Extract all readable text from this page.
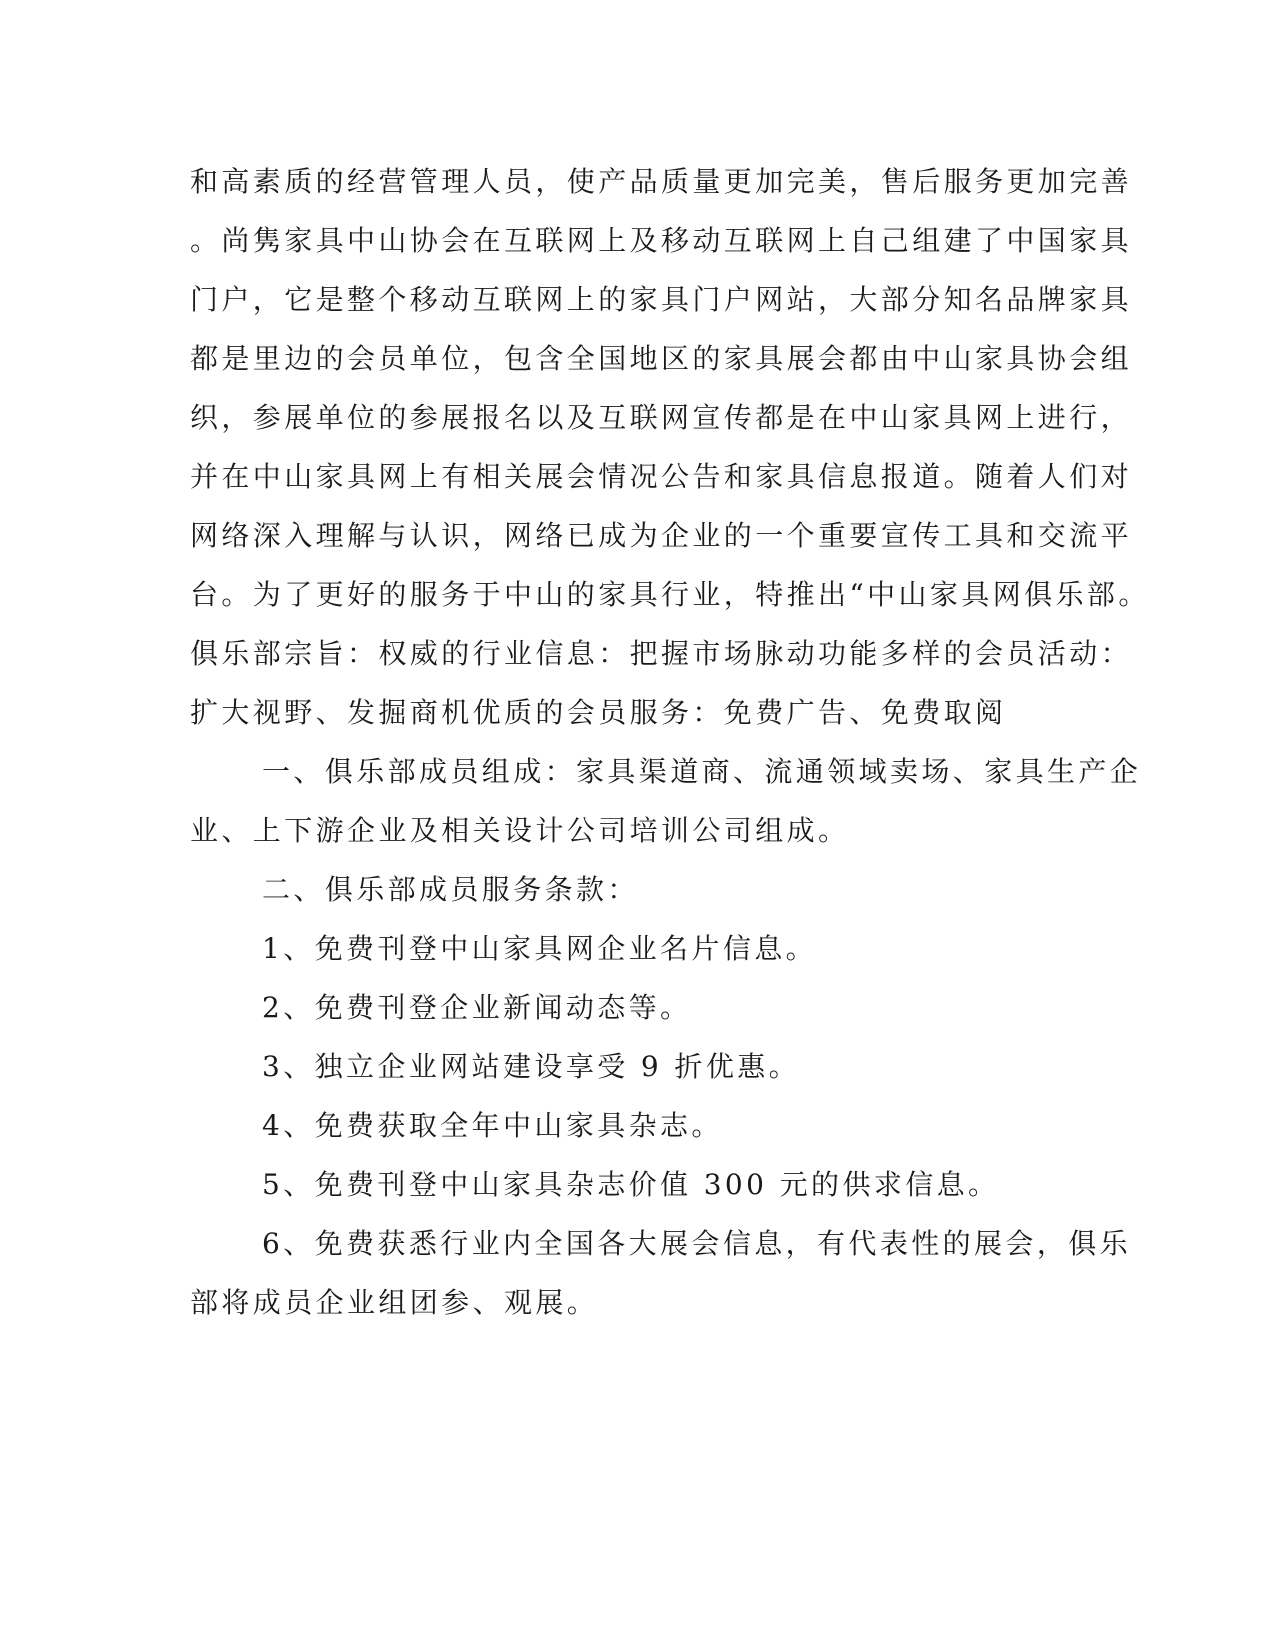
和高素质的经营管理人员，使产品质量更加完美，售后服务更加完善
。尚隽家具中山协会在互联网上及移动互联网上自己组建了中国家具
门户，它是整个移动互联网上的家具门户网站，大部分知名品牌家具
都是里边的会员单位，包含全国地区的家具展会都由中山家具协会组
织，参展单位的参展报名以及互联网宣传都是在中山家具网上进行，
并在中山家具网上有相关展会情况公告和家具信息报道。随着人们对
网络深入理解与认识，网络已成为企业的一个重要宣传工具和交流平
台。为了更好的服务于中山的家具行业，特推出“中山家具网俱乐部。
俱乐部宗旨：权威的行业信息：把握市场脉动功能多样的会员活动：
扩大视野、发掘商机优质的会员服务：免费广告、免费取阅
一、俱乐部成员组成：家具渠道商、流通领域卖场、家具生产企
业、上下游企业及相关设计公司培训公司组成。
二、俱乐部成员服务条款：
1、免费刊登中山家具网企业名片信息。
2、免费刊登企业新闻动态等。
3、独立企业网站建设享受 9 折优惠。
4、免费获取全年中山家具杂志。
5、免费刊登中山家具杂志价值 300 元的供求信息。
6、免费获悉行业内全国各大展会信息，有代表性的展会，俱乐
部将成员企业组团参、观展。
